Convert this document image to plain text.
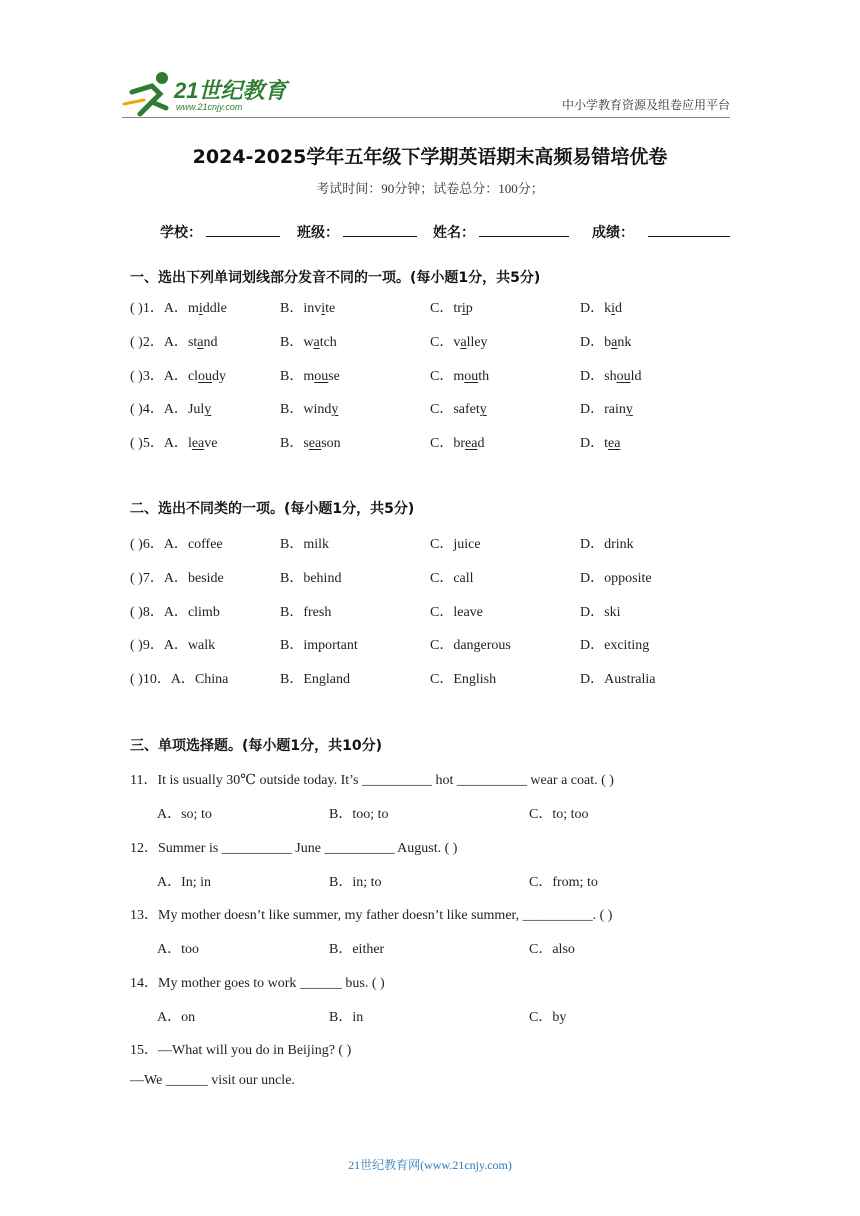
21世纪教育
www.21cnjy.com	中小学教育资源及组卷应用平台
2024-2025学年五年级下学期英语期末高频易错培优卷
考试时间：90分钟；试卷总分：100分；
学校：	班级：	姓名：	成绩：
一、选出下列单词划线部分发音不同的一项。(每小题1分，共5分)
( )1．A．middle	B．invite	C．trip	D．kid
( )2．A．stand	B．watch	C．valley	D．bank
( )3．A．cloudy	B．mouse	C．mouth	D．should
( )4．A．July	B．windy	C．safety	D．rainy
( )5．A．leave	B．season	C．bread	D．tea
二、选出不同类的一项。(每小题1分，共5分)
( )6．A．coffee	B．milk	C．juice	D．drink
( )7．A．beside	B．behind	C．call	D．opposite
( )8．A．climb	B．fresh	C．leave	D．ski
( )9．A．walk	B．important	C．dangerous	D．exciting
( )10．A．China	B．England	C．English	D．Australia
三、单项选择题。(每小题1分，共10分)
11．It is usually 30℃ outside today. It’s __________ hot __________ wear a coat. ( )
A．so; to	B．too; to	C．to; too
12．Summer is __________ June __________ August. ( )
A．In; in	B．in; to	C．from; to
13．My mother doesn’t like summer, my father doesn’t like summer, __________. ( )
A．too	B．either	C．also
14．My mother goes to work ______ bus. ( )
A．on	B．in	C．by
15．—What will you do in Beijing? ( )
—We ______ visit our uncle.
21世纪教育网(www.21cnjy.com)
